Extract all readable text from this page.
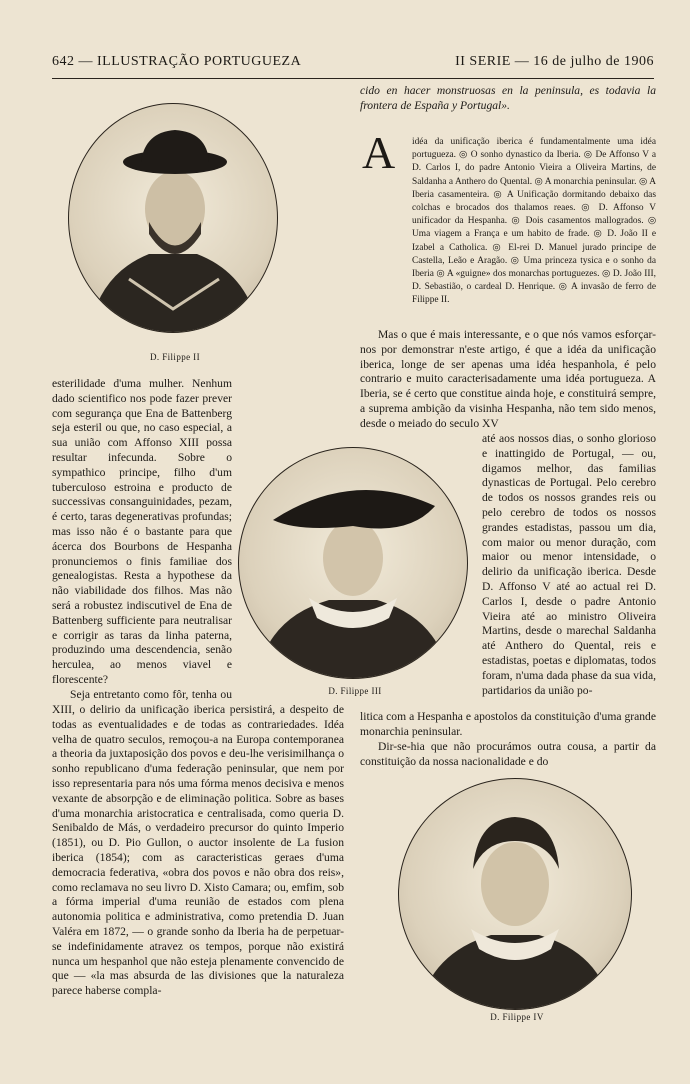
642 — ILLUSTRAÇÃO PORTUGUEZA	II SERIE — 16 de julho de 1906
D. Filippe II

esterilidade d'uma mulher. Nenhum dado scientifico nos pode fazer prever com segurança que Ena de Battenberg seja esteril ou que, no caso especial, a sua união com Affonso XIII possa resultar infecunda. Sobre o sympathico principe, filho d'um tuberculoso estroina e producto de successivas consanguinidades, pezam, é certo, taras degenerativas profundas; mas isso não é o bastante para que ácerca dos Bourbons de Hespanha pronunciemos o finis familiae dos genealogistas. Resta a hypothese da não viabilidade dos filhos. Mas não será a robustez indiscutivel de Ena de Battenberg sufficiente para neutralisar e corrigir as taras da linha paterna, produzindo uma descendencia, senão herculea, ao menos viavel e florescente?

Seja entretanto como fôr, tenha ou	D. Filippe III

XIII, o delirio da unificação iberica persistirá, a despeito de todas as eventualidades e de todas as contrariedades. Idéa velha de quatro seculos, remoçou-a na Europa contemporanea a theoria da juxtaposição dos povos e deu-lhe verisimilhança o sonho republicano d'uma federação peninsular, que nem por isso representaria para nós uma fórma menos decisiva e menos vexante de absorpção e de eliminação politica. Sobre as bases d'uma monarchia aristocratica e centralisada, como queria D. Senibaldo de Más, o verdadeiro precursor do quinto Imperio (1851), ou D. Pio Gullon, o auctor insolente de La fusion iberica (1854); com as caracteristicas geraes d'uma democracia federativa, «obra dos povos e não obra dos reis», como reclamava no seu livro D. Xisto Camara; ou, emfim, sob a fórma imperial d'uma reunião de estados com plena autonomia politica e administrativa, como pretendia D. Juan Valéra em 1872, — o grande sonho da Iberia ha de perpetuar-se indefinidamente atravez os tempos, porque não existirá nunca um hespanhol que não esteja plenamente convencido de que — «la mas absurda de las divisiones que la naturaleza parece haberse compla-

cido en hacer monstruosas en la peninsula, es todavia la frontera de España y Portugal».
A idéa da unificação iberica é fundamentalmente uma idéa portugueza. ◎ O sonho dynastico da Iberia. ◎ De Affonso V a D. Carlos I, do padre Antonio Vieira a Oliveira Martins, de Saldanha a Anthero do Quental. ◎ A monarchia peninsular. ◎ A Iberia casamenteira. ◎ A Unificação dormitando debaixo das colchas e brocados dos thalamos reaes. ◎ D. Affonso V unificador da Hespanha. ◎ Dois casamentos mallogrados. ◎ Uma viagem a França e um habito de frade. ◎ D. João II e Izabel a Catholica. ◎ El-rei D. Manuel jurado principe de Castella, Leão e Aragão. ◎ Uma princeza tysica e o sonho da Iberia ◎ A «guigne» dos monarchas portuguezes. ◎ D. João III, D. Sebastião, o cardeal D. Henrique. ◎ A invasão de ferro de Filippe II.

Mas o que é mais interessante, e o que nós vamos esforçar-nos por demonstrar n'este artigo, é que a idéa da unificação iberica, longe de ser apenas uma idéa hespanhola, é pelo contrario e muito caracterisadamente uma idéa portugueza. A Iberia, se é certo que constitue ainda hoje, e constituirá sempre, a suprema ambição da visinha Hespanha, não tem sido menos, desde o meiado do seculo XV

até aos nossos dias, o sonho glorioso e inattingido de Portugal, — ou, digamos melhor, das familias dynasticas de Portugal. Pelo cerebro de todos os nossos grandes reis ou pelo cerebro de todos os nossos grandes estadistas, passou um dia, com maior ou menor duração, com maior ou menor intensidade, o delirio da unificação iberica. Desde D. Affonso V até ao actual rei D. Carlos I, desde o padre Antonio Vieira até ao ministro Oliveira Martins, desde o marechal Saldanha até Anthero do Quental, reis e estadistas, poetas e diplomatas, todos foram, n'uma dada phase da sua vida, partidarios da união po-
litica com a Hespanha e apostolos da constituição d'uma grande monarchia peninsular.
Dir-se-hia que não procurámos outra cousa, a partir da constituição da nossa nacionalidade e do
D. Filippe IV
